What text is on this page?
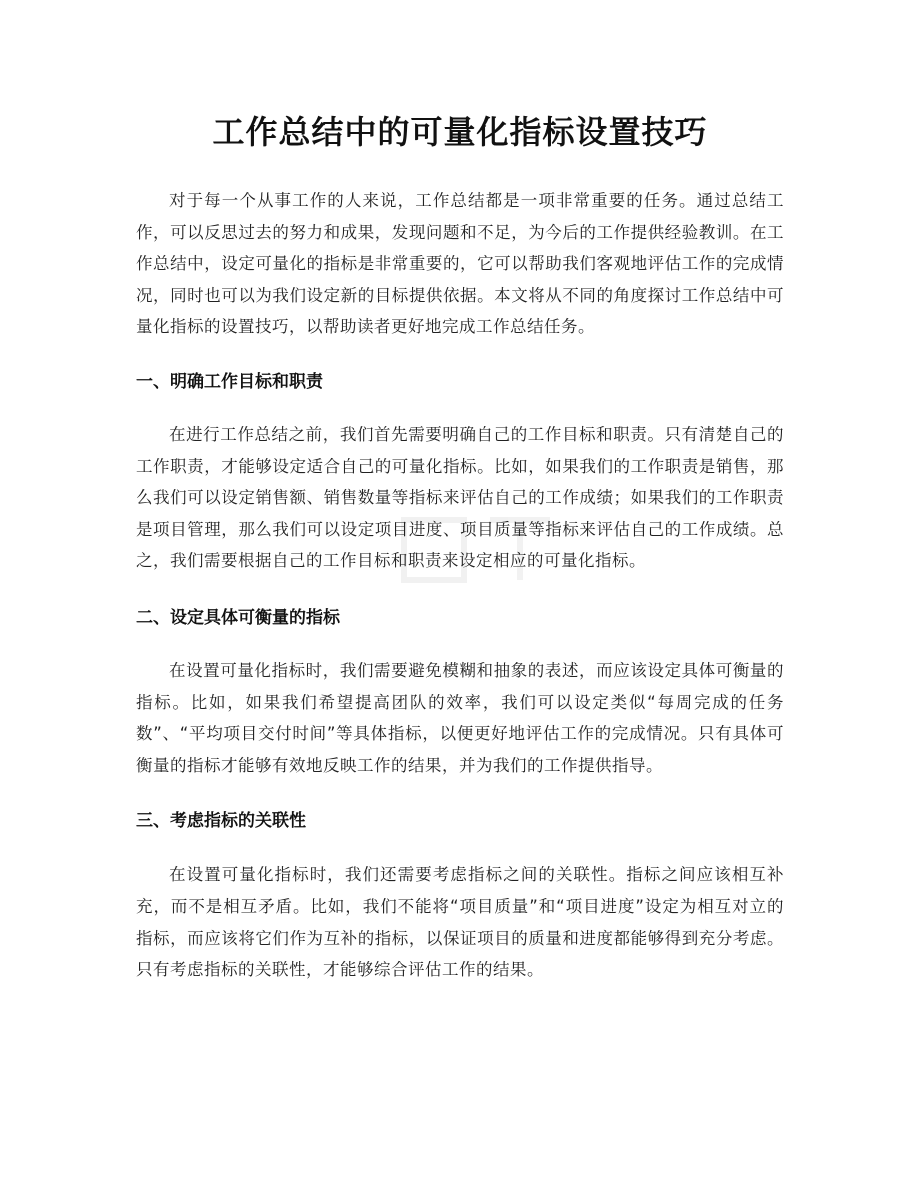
工作总结中的可量化指标设置技巧

对于每一个从事工作的人来说，工作总结都是一项非常重要的任务。通过总结工作，可以反思过去的努力和成果，发现问题和不足，为今后的工作提供经验教训。在工作总结中，设定可量化的指标是非常重要的，它可以帮助我们客观地评估工作的完成情况，同时也可以为我们设定新的目标提供依据。本文将从不同的角度探讨工作总结中可量化指标的设置技巧，以帮助读者更好地完成工作总结任务。

一、明确工作目标和职责

在进行工作总结之前，我们首先需要明确自己的工作目标和职责。只有清楚自己的工作职责，才能够设定适合自己的可量化指标。比如，如果我们的工作职责是销售，那么我们可以设定销售额、销售数量等指标来评估自己的工作成绩；如果我们的工作职责是项目管理，那么我们可以设定项目进度、项目质量等指标来评估自己的工作成绩。总之，我们需要根据自己的工作目标和职责来设定相应的可量化指标。

二、设定具体可衡量的指标

在设置可量化指标时，我们需要避免模糊和抽象的表述，而应该设定具体可衡量的指标。比如，如果我们希望提高团队的效率，我们可以设定类似“每周完成的任务数”、“平均项目交付时间”等具体指标，以便更好地评估工作的完成情况。只有具体可衡量的指标才能够有效地反映工作的结果，并为我们的工作提供指导。

三、考虑指标的关联性

在设置可量化指标时，我们还需要考虑指标之间的关联性。指标之间应该相互补充，而不是相互矛盾。比如，我们不能将“项目质量”和“项目进度”设定为相互对立的指标，而应该将它们作为互补的指标，以保证项目的质量和进度都能够得到充分考虑。只有考虑指标的关联性，才能够综合评估工作的结果。
